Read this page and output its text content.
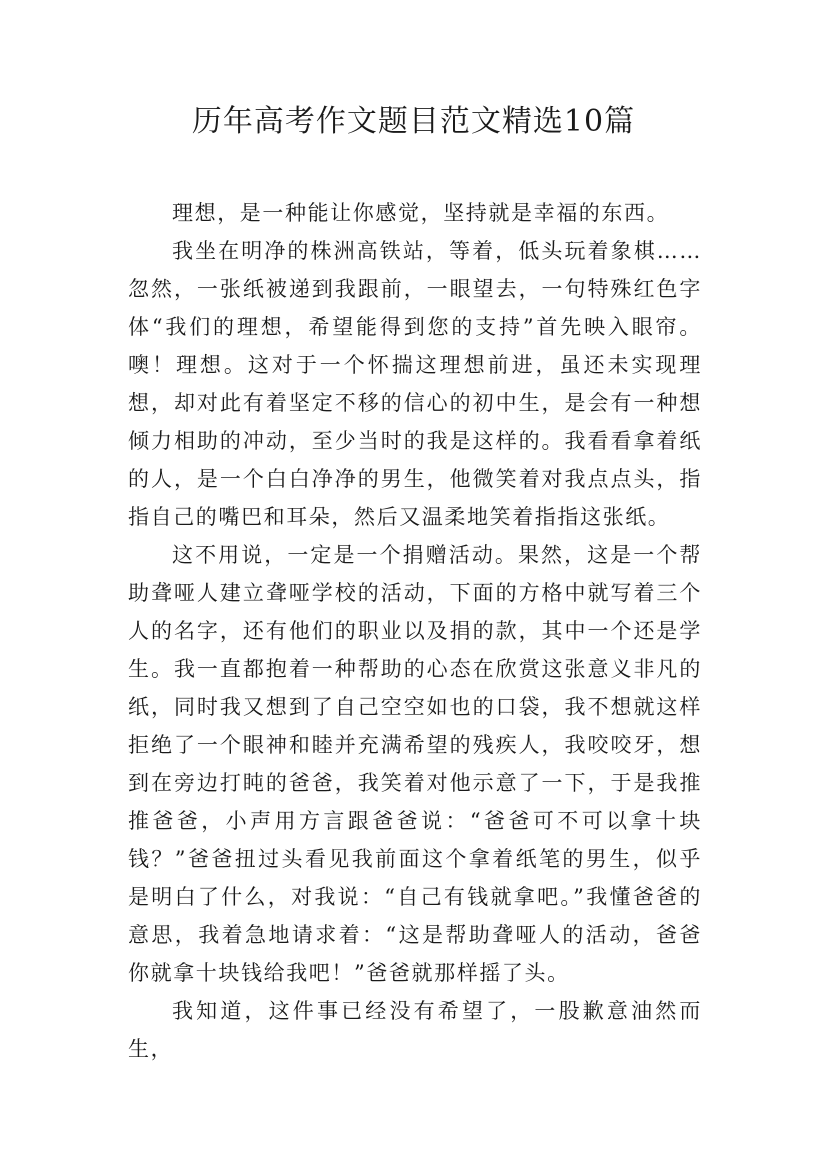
历年高考作文题目范文精选10篇

理想，是一种能让你感觉，坚持就是幸福的东西。

我坐在明净的株洲高铁站，等着，低头玩着象棋……忽然，一张纸被递到我跟前，一眼望去，一句特殊红色字体“我们的理想，希望能得到您的支持”首先映入眼帘。噢！理想。这对于一个怀揣这理想前进，虽还未实现理想，却对此有着坚定不移的信心的初中生，是会有一种想倾力相助的冲动，至少当时的我是这样的。我看看拿着纸的人，是一个白白净净的男生，他微笑着对我点点头，指指自己的嘴巴和耳朵，然后又温柔地笑着指指这张纸。

这不用说，一定是一个捐赠活动。果然，这是一个帮助聋哑人建立聋哑学校的活动，下面的方格中就写着三个人的名字，还有他们的职业以及捐的款，其中一个还是学生。我一直都抱着一种帮助的心态在欣赏这张意义非凡的纸，同时我又想到了自己空空如也的口袋，我不想就这样拒绝了一个眼神和睦并充满希望的残疾人，我咬咬牙，想到在旁边打盹的爸爸，我笑着对他示意了一下，于是我推推爸爸，小声用方言跟爸爸说：“爸爸可不可以拿十块钱？”爸爸扭过头看见我前面这个拿着纸笔的男生，似乎是明白了什么，对我说：“自己有钱就拿吧。”我懂爸爸的意思，我着急地请求着：“这是帮助聋哑人的活动，爸爸你就拿十块钱给我吧！”爸爸就那样摇了头。

我知道，这件事已经没有希望了，一股歉意油然而生，
